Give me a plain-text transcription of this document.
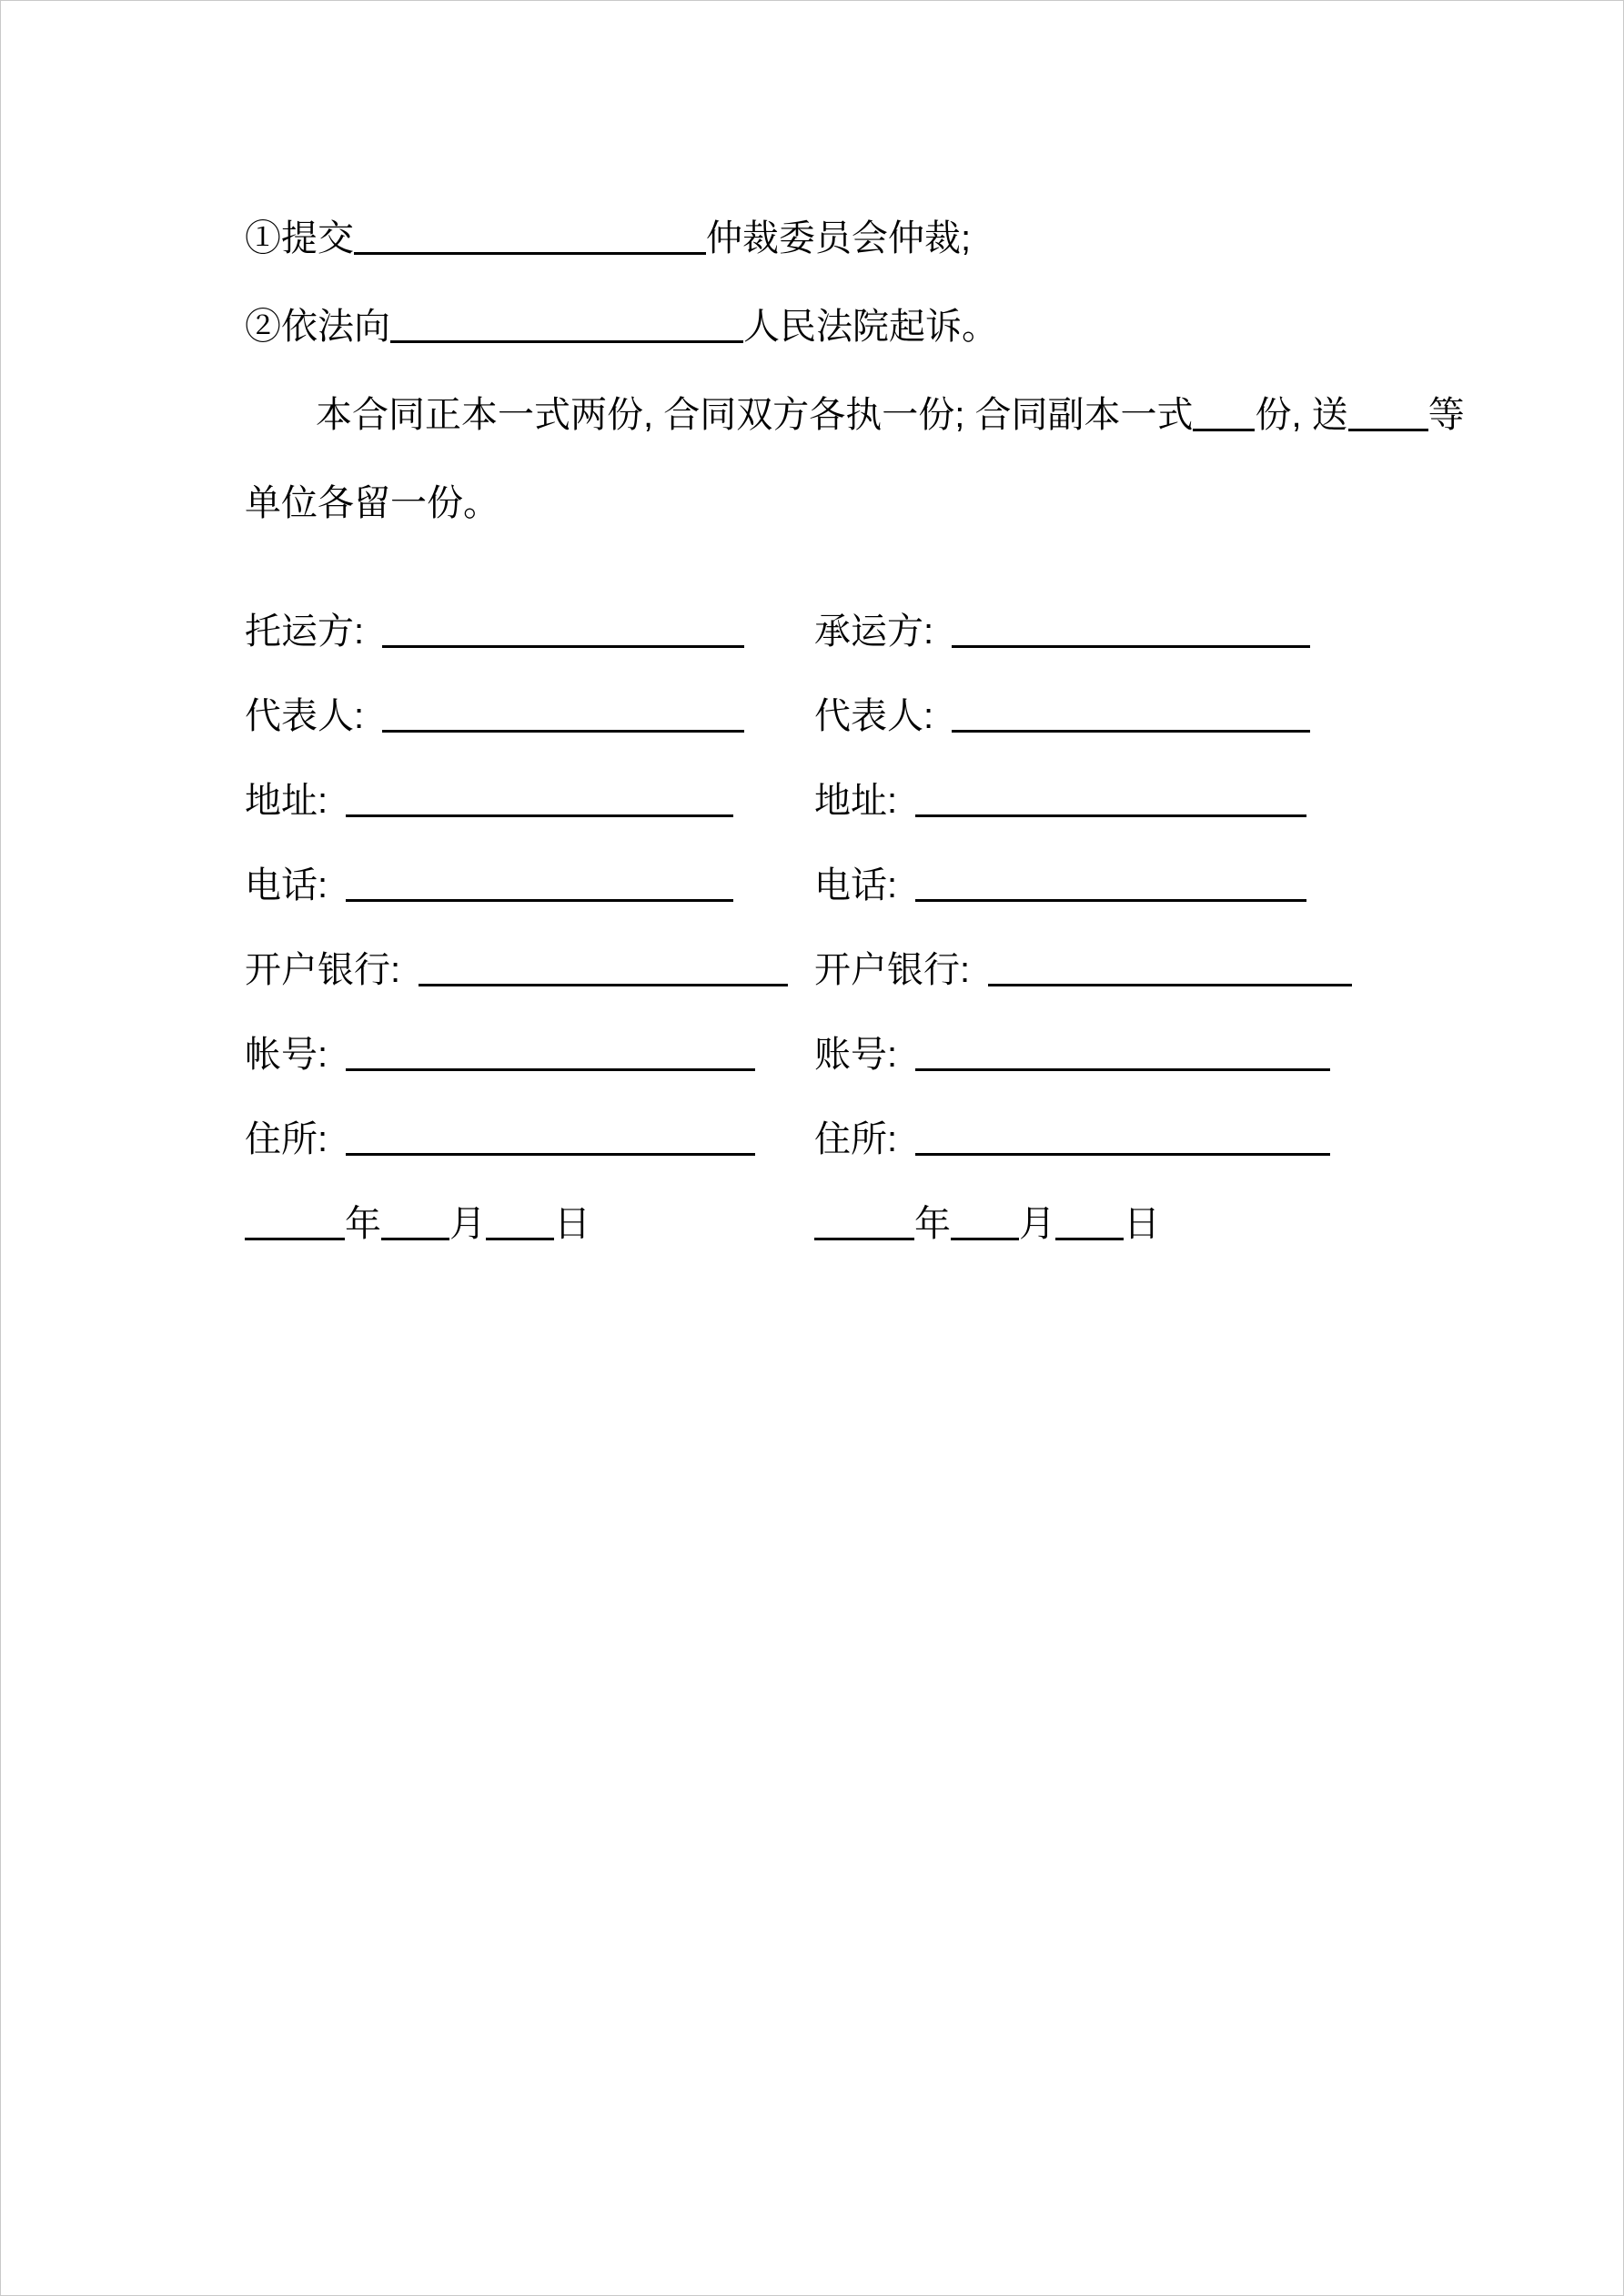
①提交	仲裁委员会仲裁;
②依法向	人民法院起诉。
本合同正本一式两份, 合同双方各执一份; 合同副本一式 份, 送 等
单位各留一份。
托运方:
代表人:
地址:
电话:
开户银行:
帐号:
住所:
年 月 日
承运方:
代表人:
地址:
电话:
开户银行:
账号:
住所:
年 月 日
